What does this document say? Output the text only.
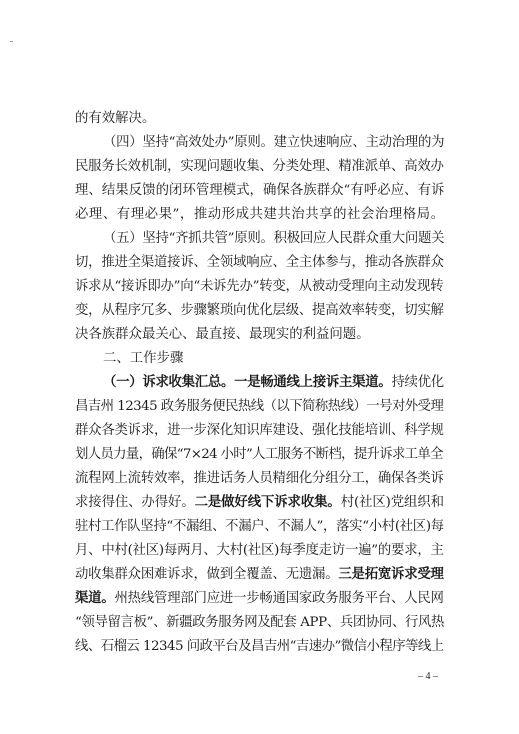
的有效解决。
（四）坚持“高效处办”原则。建立快速响应、主动治理的为
民服务长效机制，实现问题收集、分类处理、精准派单、高效办
理、结果反馈的闭环管理模式，确保各族群众“有呼必应、有诉
必理、有理必果”，推动形成共建共治共享的社会治理格局。
（五）坚持“齐抓共管”原则。积极回应人民群众重大问题关
切，推进全渠道接诉、全领域响应、全主体参与，推动各族群众
诉求从“接诉即办”向“未诉先办”转变，从被动受理向主动发现转
变，从程序冗多、步骤繁琐向优化层级、提高效率转变，切实解
决各族群众最关心、最直接、最现实的利益问题。
二、工作步骤
（一）诉求收集汇总。一是畅通线上接诉主渠道。持续优化
昌吉州 12345 政务服务便民热线（以下简称热线）一号对外受理
群众各类诉求，进一步深化知识库建设、强化技能培训、科学规
划人员力量，确保“7×24 小时”人工服务不断档，提升诉求工单全
流程网上流转效率，推进话务人员精细化分组分工，确保各类诉
求接得住、办得好。二是做好线下诉求收集。村(社区)党组织和
驻村工作队坚持“不漏组、不漏户、不漏人”，落实“小村(社区)每
月、中村(社区)每两月、大村(社区)每季度走访一遍”的要求，主
动收集群众困难诉求，做到全覆盖、无遗漏。三是拓宽诉求受理
渠道。州热线管理部门应进一步畅通国家政务服务平台、人民网
“领导留言板”、新疆政务服务网及配套 APP、兵团协同、行风热
线、石榴云 12345 问政平台及昌吉州“吉速办”微信小程序等线上
– 4 –
